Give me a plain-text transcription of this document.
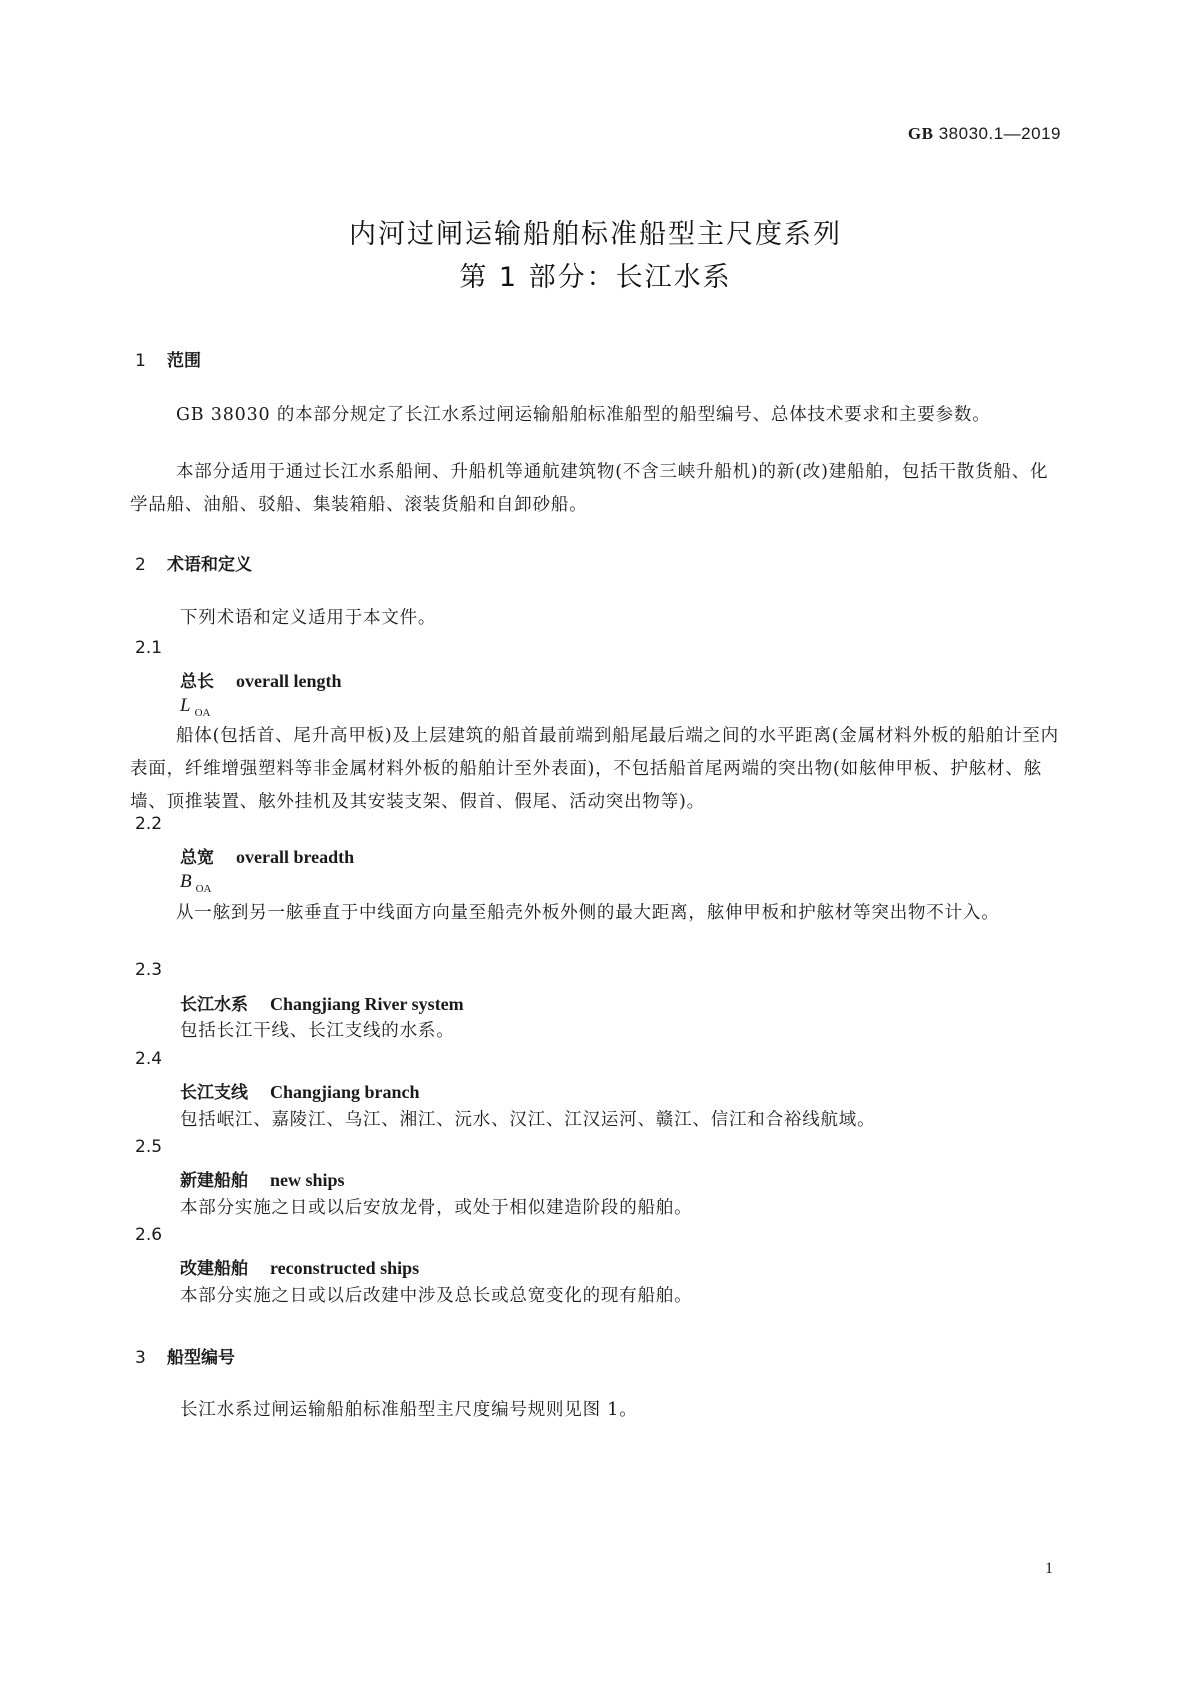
GB 38030.1—2019
内河过闸运输船舶标准船型主尺度系列
第 1 部分：长江水系
1 范围

GB 38030 的本部分规定了长江水系过闸运输船舶标准船型的船型编号、总体技术要求和主要参数。

本部分适用于通过长江水系船闸、升船机等通航建筑物(不含三峡升船机)的新(改)建船舶，包括干散货船、化学品船、油船、驳船、集装箱船、滚装货船和自卸砂船。

2 术语和定义
下列术语和定义适用于本文件。
2.1
总长 overall length
L $_{OA}$

船体(包括首、尾升高甲板)及上层建筑的船首最前端到船尾最后端之间的水平距离(金属材料外板的船舶计至内表面，纤维增强塑料等非金属材料外板的船舶计至外表面)，不包括船首尾两端的突出物(如舷伸甲板、护舷材、舷墙、顶推装置、舷外挂机及其安装支架、假首、假尾、活动突出物等)。

2.2
总宽 overall breadth
B $_{OA}$

从一舷到另一舷垂直于中线面方向量至船壳外板外侧的最大距离，舷伸甲板和护舷材等突出物不计入。

2.3
长江水系 Changjiang River system
包括长江干线、长江支线的水系。
2.4
长江支线 Changjiang branch
包括岷江、嘉陵江、乌江、湘江、沅水、汉江、江汉运河、赣江、信江和合裕线航域。
2.5
新建船舶 new ships
本部分实施之日或以后安放龙骨，或处于相似建造阶段的船舶。
2.6
改建船舶 reconstructed ships
本部分实施之日或以后改建中涉及总长或总宽变化的现有船舶。
3 船型编号
长江水系过闸运输船舶标准船型主尺度编号规则见图 1。
1
